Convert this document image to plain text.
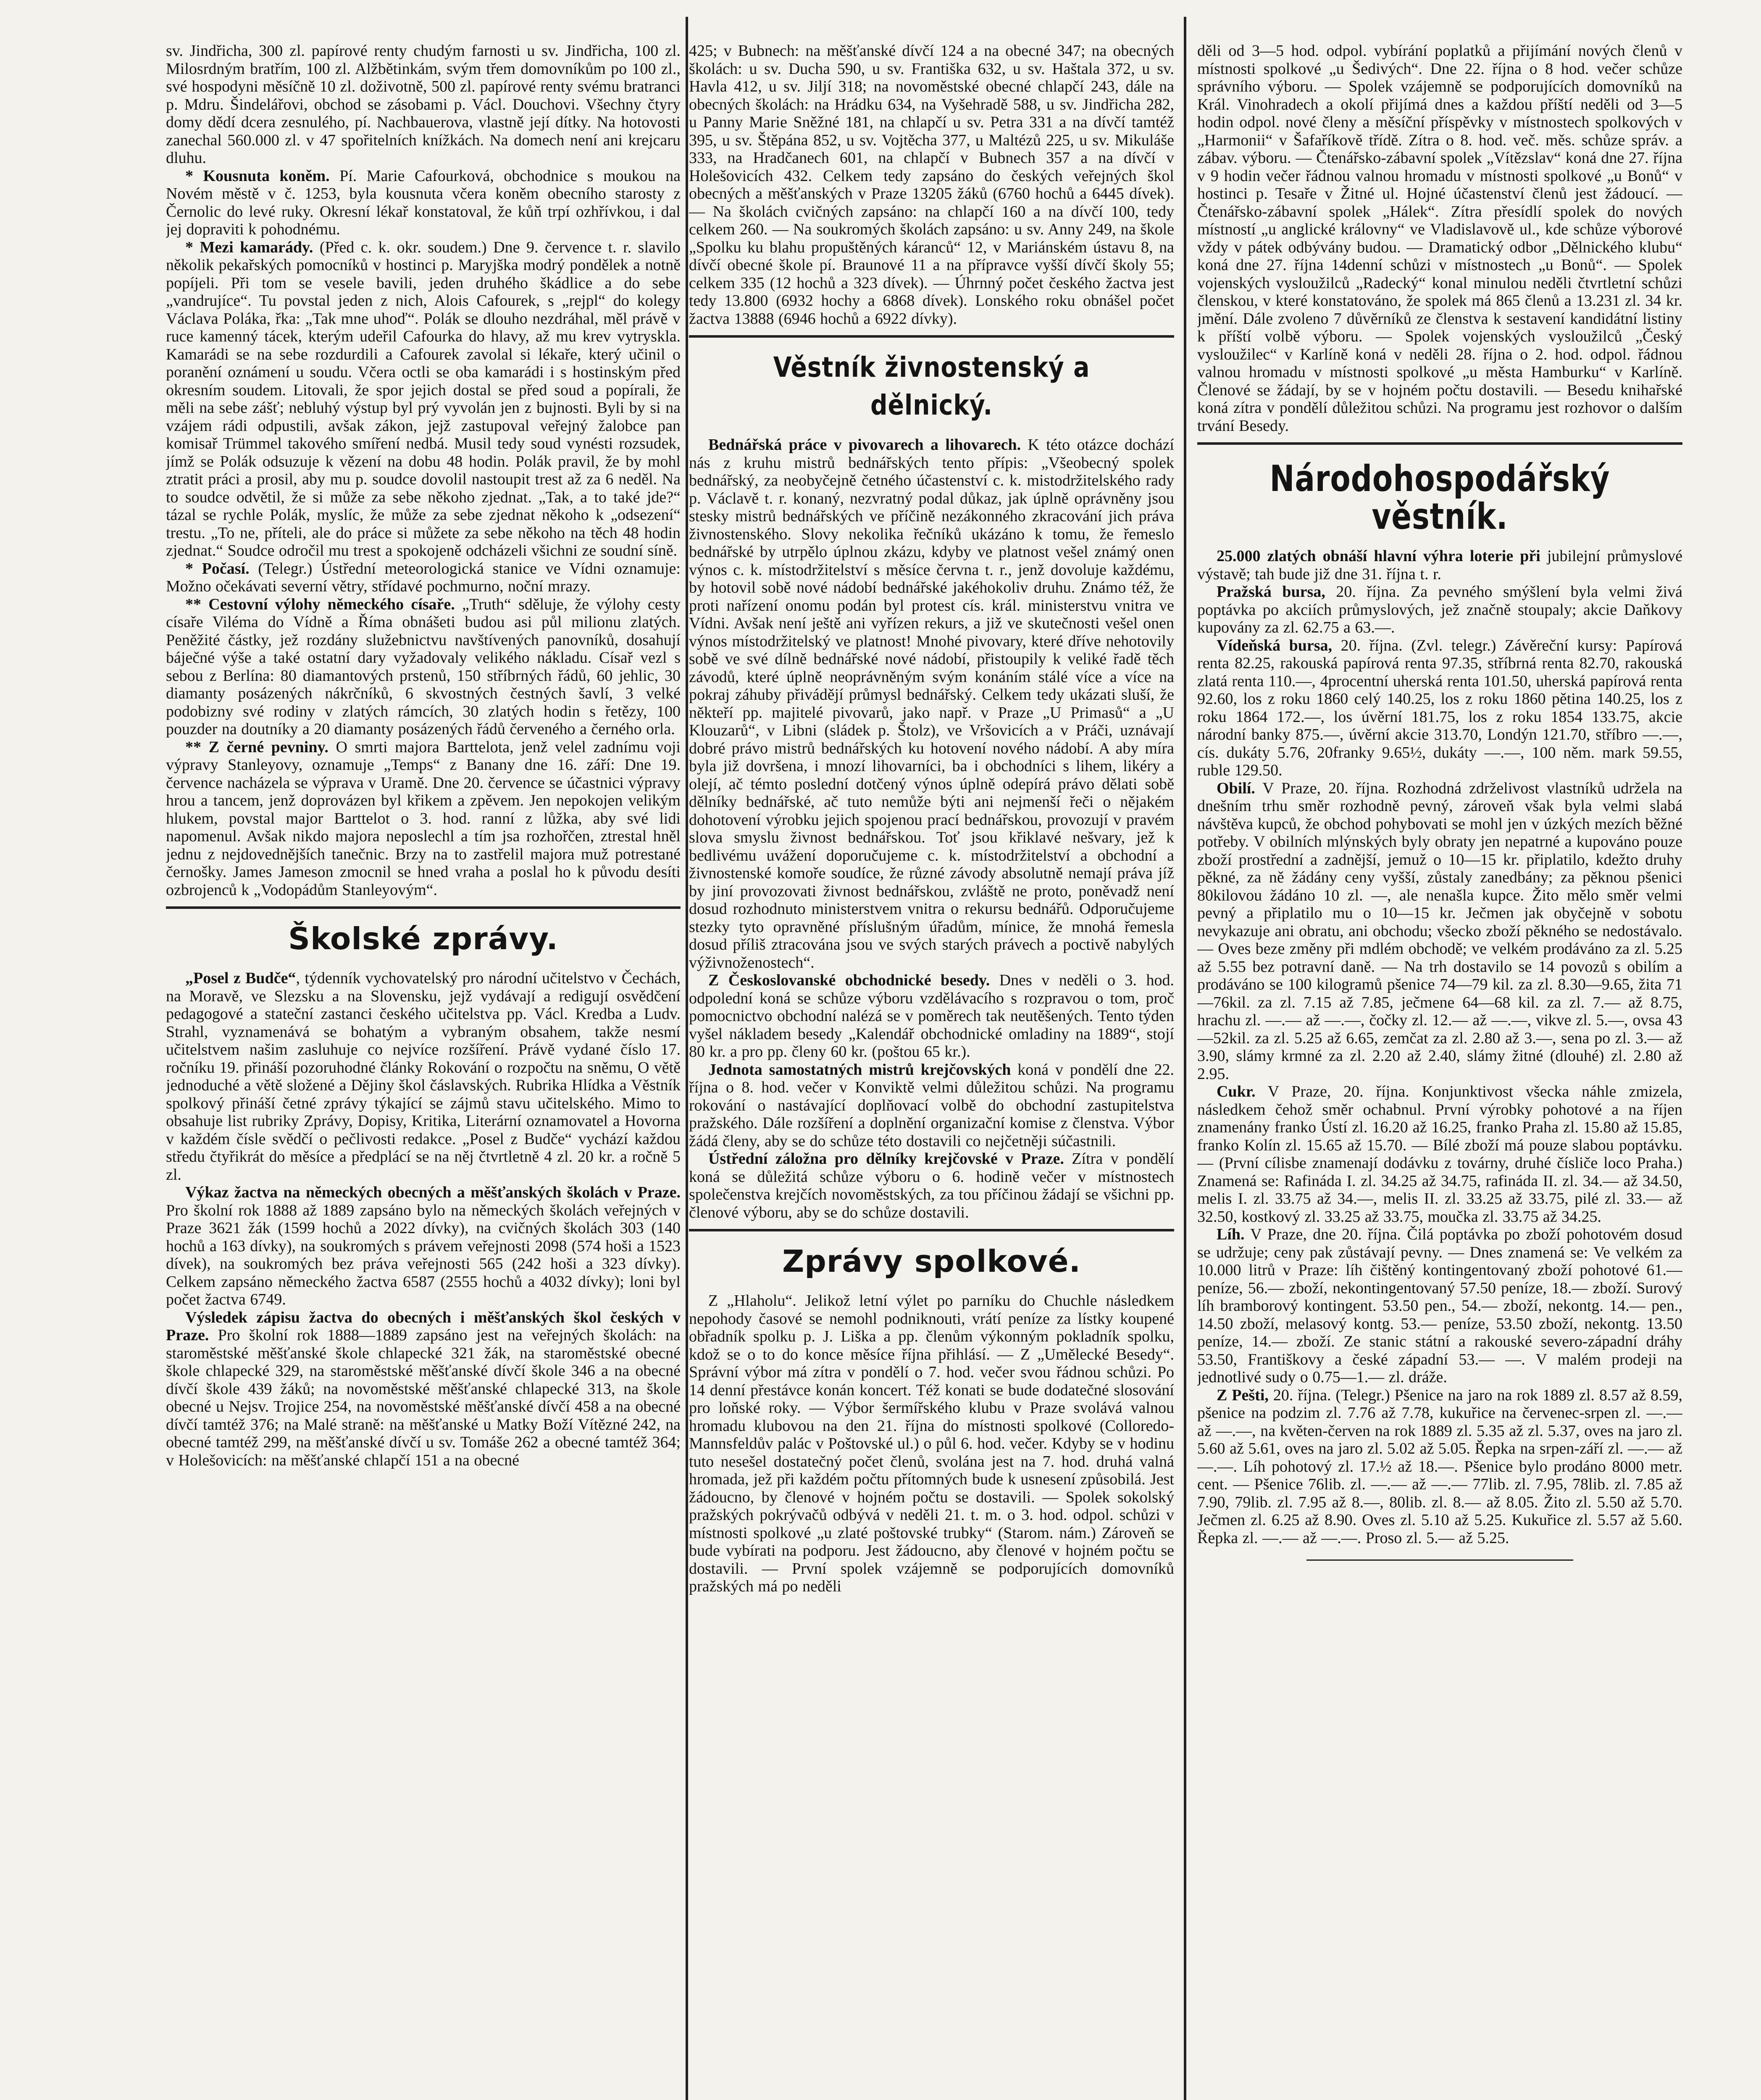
sv. Jindřicha, 300 zl. papírové renty chudým farnosti u sv. Jindřicha, 100 zl. Milosrdným bratřím, 100 zl. Alžbětinkám, svým třem domovníkům po 100 zl., své hospodyni měsíčně 10 zl. doživotně, 500 zl. papírové renty svému bratranci p. Mdru. Šindelářovi, obchod se zásobami p. Václ. Douchovi. Všechny čtyry domy dědí dcera zesnulého, pí. Nachbauerova, vlastně její dítky. Na hotovosti zanechal 560.000 zl. v 47 spořitelních knížkách. Na domech není ani krejcaru dluhu.

* Kousnuta koněm. Pí. Marie Cafourková, obchodnice s moukou na Novém městě v č. 1253, byla kousnuta včera koněm obecního starosty z Černolic do levé ruky. Okresní lékař konstatoval, že kůň trpí ozhřívkou, i dal jej dopraviti k pohodnému.

* Mezi kamarády. (Před c. k. okr. soudem.) Dne 9. července t. r. slavilo několik pekařských pomocníků v hostinci p. Maryjška modrý pondělek a notně popíjeli. Při tom se vesele bavili, jeden druhého škádlice a do sebe „vandrujíce“. Tu povstal jeden z nich, Alois Cafourek, s „rejpl“ do kolegy Václava Poláka, řka: „Tak mne uhoď“. Polák se dlouho nezdráhal, měl právě v ruce kamenný tácek, kterým udeřil Cafourka do hlavy, až mu krev vytryskla. Kamarádi se na sebe rozdurdili a Cafourek zavolal si lékaře, který učinil o poranění oznámení u soudu. Včera octli se oba kamarádi i s hostinským před okresním soudem. Litovali, že spor jejich dostal se před soud a popírali, že měli na sebe zášť; nebluhý výstup byl prý vyvolán jen z bujnosti. Byli by si na vzájem rádi odpustili, avšak zákon, jejž zastupoval veřejný žalobce pan komisař Trümmel takového smíření nedbá. Musil tedy soud vynésti rozsudek, jímž se Polák odsuzuje k vězení na dobu 48 hodin. Polák pravil, že by mohl ztratit práci a prosil, aby mu p. soudce dovolil nastoupit trest až za 6 neděl. Na to soudce odvětil, že si může za sebe někoho zjednat. „Tak, a to také jde?“ tázal se rychle Polák, myslíc, že může za sebe zjednat někoho k „odsezení“ trestu. „To ne, příteli, ale do práce si můžete za sebe někoho na těch 48 hodin zjednat.“ Soudce odročil mu trest a spokojeně odcházeli všichni ze soudní síně.

* Počasí. (Telegr.) Ústřední meteorologická stanice ve Vídni oznamuje: Možno očekávati severní větry, střídavé pochmurno, noční mrazy.

** Cestovní výlohy německého císaře. „Truth“ sděluje, že výlohy cesty císaře Viléma do Vídně a Říma obnášeti budou asi půl milionu zlatých. Peněžité částky, jež rozdány služebnictvu navštívených panovníků, dosahují báječné výše a také ostatní dary vyžadovaly velikého nákladu. Císař vezl s sebou z Berlína: 80 diamantových prstenů, 150 stříbrných řádů, 60 jehlic, 30 diamanty posázených nákrčníků, 6 skvostných čestných šavlí, 3 velké podobizny své rodiny v zlatých rámcích, 30 zlatých hodin s řetězy, 100 pouzder na doutníky a 20 diamanty posázených řádů červeného a černého orla.

** Z černé pevniny. O smrti majora Barttelota, jenž velel zadnímu voji výpravy Stanleyovy, oznamuje „Temps“ z Banany dne 16. září: Dne 19. července nacházela se výprava v Uramě. Dne 20. července se účastnici výpravy hrou a tancem, jenž doprovázen byl křikem a zpěvem. Jen nepokojen velikým hlukem, povstal major Barttelot o 3. hod. ranní z lůžka, aby své lidi napomenul. Avšak nikdo majora neposlechl a tím jsa rozhořčen, ztrestal hněl jednu z nejdovednějších tanečnic. Brzy na to zastřelil majora muž potrestané černošky. James Jameson zmocnil se hned vraha a poslal ho k původu desíti ozbrojenců k „Vodopádům Stanleyovým“.

Školské zprávy.

„Posel z Budče“, týdenník vychovatelský pro národní učitelstvo v Čechách, na Moravě, ve Slezsku a na Slovensku, jejž vydávají a redigují osvědčení pedagogové a stateční zastanci českého učitelstva pp. Václ. Kredba a Ludv. Strahl, vyznamenává se bohatým a vybraným obsahem, takže nesmí učitelstvem našim zasluhuje co nejvíce rozšíření. Právě vydané číslo 17. ročníku 19. přináší pozoruhodné články Rokování o rozpočtu na sněmu, O větě jednoduché a větě složené a Dějiny škol čáslavských. Rubrika Hlídka a Věstník spolkový přináší četné zprávy týkající se zájmů stavu učitelského. Mimo to obsahuje list rubriky Zprávy, Dopisy, Kritika, Literární oznamovatel a Hovorna v každém čísle svědčí o pečlivosti redakce. „Posel z Budče“ vychází každou středu čtyřikrát do měsíce a předplácí se na něj čtvrtletně 4 zl. 20 kr. a ročně 5 zl.

Výkaz žactva na německých obecných a měšťanských školách v Praze. Pro školní rok 1888 až 1889 zapsáno bylo na německých školách veřejných v Praze 3621 žák (1599 hochů a 2022 dívky), na cvičných školách 303 (140 hochů a 163 dívky), na soukromých s právem veřejnosti 2098 (574 hoši a 1523 dívek), na soukromých bez práva veřejnosti 565 (242 hoši a 323 dívky). Celkem zapsáno německého žactva 6587 (2555 hochů a 4032 dívky); loni byl počet žactva 6749.

Výsledek zápisu žactva do obecných i měšťanských škol českých v Praze. Pro školní rok 1888—1889 zapsáno jest na veřejných školách: na staroměstské měšťanské škole chlapecké 321 žák, na staroměstské obecné škole chlapecké 329, na staroměstské měšťanské dívčí škole 346 a na obecné dívčí škole 439 žáků; na novoměstské měšťanské chlapecké 313, na škole obecné u Nejsv. Trojice 254, na novoměstské měšťanské dívčí 458 a na obecné dívčí tamtéž 376; na Malé straně: na měšťanské u Matky Boží Vítězné 242, na obecné tamtéž 299, na měšťanské dívčí u sv. Tomáše 262 a obecné tamtéž 364; v Holešovicích: na měšťanské chlapčí 151 a na obecné

425; v Bubnech: na měšťanské dívčí 124 a na obecné 347; na obecných školách: u sv. Ducha 590, u sv. Františka 632, u sv. Haštala 372, u sv. Havla 412, u sv. Jiljí 318; na novoměstské obecné chlapčí 243, dále na obecných školách: na Hrádku 634, na Vyšehradě 588, u sv. Jindřicha 282, u Panny Marie Sněžné 181, na chlapčí u sv. Petra 331 a na dívčí tamtéž 395, u sv. Štěpána 852, u sv. Vojtěcha 377, u Maltézů 225, u sv. Mikuláše 333, na Hradčanech 601, na chlapčí v Bubnech 357 a na dívčí v Holešovicích 432. Celkem tedy zapsáno do českých veřejných škol obecných a měšťanských v Praze 13205 žáků (6760 hochů a 6445 dívek). — Na školách cvičných zapsáno: na chlapčí 160 a na dívčí 100, tedy celkem 260. — Na soukromých školách zapsáno: u sv. Anny 249, na škole „Spolku ku blahu propuštěných káranců“ 12, v Mariánském ústavu 8, na dívčí obecné škole pí. Braunové 11 a na přípravce vyšší dívčí školy 55; celkem 335 (12 hochů a 323 dívek). — Úhrnný počet českého žactva jest tedy 13.800 (6932 hochy a 6868 dívek). Lonského roku obnášel počet žactva 13888 (6946 hochů a 6922 dívky).

Věstník živnostenský a dělnický.

Bednářská práce v pivovarech a lihovarech. K této otázce dochází nás z kruhu mistrů bednářských tento přípis: „Všeobecný spolek bednářský, za neobyčejně četného účastenství c. k. mistodržitelského rady p. Václavě t. r. konaný, nezvratný podal důkaz, jak úplně oprávněny jsou stesky mistrů bednářských ve příčině nezákonného zkracování jich práva živnostenského. Slovy nekolika řečníků ukázáno k tomu, že řemeslo bednářské by utrpělo úplnou zkázu, kdyby ve platnost vešel známý onen výnos c. k. místodržitelství s měsíce června t. r., jenž dovoluje každému, by hotovil sobě nové nádobí bednářské jakéhokoliv druhu. Známo též, že proti nařízení onomu podán byl protest cís. král. ministerstvu vnitra ve Vídni. Avšak není ještě ani vyřízen rekurs, a již ve skutečnosti vešel onen výnos místodržitelský ve platnost! Mnohé pivovary, které dříve nehotovily sobě ve své dílně bednářské nové nádobí, přistoupily k veliké řadě těch závodů, které úplně neoprávněným svým konáním stálé více a více na pokraj záhuby přivádějí průmysl bednářský. Celkem tedy ukázati sluší, že někteří pp. majitelé pivovarů, jako např. v Praze „U Primasů“ a „U Klouzarů“, v Libni (sládek p. Štolz), ve Vršovicích a v Práči, uznávají dobré právo mistrů bednářských ku hotovení nového nádobí. A aby míra byla již dovršena, i mnozí lihovarníci, ba i obchodníci s lihem, likéry a olejí, ač témto poslední dotčený výnos úplně odepírá právo dělati sobě dělníky bednářské, ač tuto nemůže býti ani nejmenší řeči o nějakém dohotovení výrobku jejich spojenou prací bednářskou, provozují v pravém slova smyslu živnost bednářskou. Toť jsou křiklavé nešvary, jež k bedlivému uvážení doporučujeme c. k. místodržitelství a obchodní a živnostenské komoře soudíce, že různé závody absolutně nemají práva jíž by jiní provozovati živnost bednářskou, zvláště ne proto, poněvadž není dosud rozhodnuto ministerstvem vnitra o rekursu bednářů. Odporučujeme stezky tyto opravněné příslušným úřadům, mínice, že mnohá řemesla dosud příliš ztracována jsou ve svých starých právech a poctivě nabylých výživnoženostech“.

Z Českoslovanské obchodnické besedy. Dnes v neděli o 3. hod. odpolední koná se schůze výboru vzdělávacího s rozpravou o tom, proč pomocnictvo obchodní nalézá se v poměrech tak neutěšených. Tento týden vyšel nákladem besedy „Kalendář obchodnické omladiny na 1889“, stojí 80 kr. a pro pp. členy 60 kr. (poštou 65 kr.).

Jednota samostatných mistrů krejčovských koná v pondělí dne 22. října o 8. hod. večer v Konviktě velmi důležitou schůzi. Na programu rokování o nastávající doplňovací volbě do obchodní zastupitelstva pražského. Dále rozšíření a doplnění organizační komise z členstva. Výbor žádá členy, aby se do schůze této dostavili co nejčetněji súčastnili.

Ústřední záložna pro dělníky krejčovské v Praze. Zítra v pondělí koná se důležitá schůze výboru o 6. hodině večer v místnostech společenstva krejčích novoměstských, za tou příčinou žádají se všichni pp. členové výboru, aby se do schůze dostavili.

Zprávy spolkové.

Z „Hlaholu“. Jelikož letní výlet po parníku do Chuchle následkem nepohody časové se nemohl podniknouti, vrátí peníze za lístky koupené obřadník spolku p. J. Liška a pp. členům výkonným pokladník spolku, kdož se o to do konce měsíce října přihlásí. — Z „Umělecké Besedy“. Správní výbor má zítra v pondělí o 7. hod. večer svou řádnou schůzi. Po 14 denní přestávce konán koncert. Též konati se bude dodatečné slosování pro loňské roky. — Výbor šermířského klubu v Praze svolává valnou hromadu klubovou na den 21. října do místnosti spolkové (Colloredo-Mannsfeldův palác v Poštovské ul.) o půl 6. hod. večer. Kdyby se v hodinu tuto nesešel dostatečný počet členů, svolána jest na 7. hod. druhá valná hromada, jež při každém počtu přítomných bude k usnesení způsobilá. Jest žádoucno, by členové v hojném počtu se dostavili. — Spolek sokolský pražských pokrývačů odbývá v neděli 21. t. m. o 3. hod. odpol. schůzi v místnosti spolkové „u zlaté poštovské trubky“ (Starom. nám.) Zároveň se bude vybírati na podporu. Jest žádoucno, aby členové v hojném počtu se dostavili. — První spolek vzájemně se podporujících domovníků pražských má po neděli

děli od 3—5 hod. odpol. vybírání poplatků a přijímání nových členů v místnosti spolkové „u Šedivých“. Dne 22. října o 8 hod. večer schůze správního výboru. — Spolek vzájemně se podporujících domovníků na Král. Vinohradech a okolí přijímá dnes a každou příští neděli od 3—5 hodin odpol. nové členy a měsíční příspěvky v místnostech spolkových v „Harmonii“ v Šafaříkově třídě. Zítra o 8. hod. več. měs. schůze správ. a zábav. výboru. — Čtenářsko-zábavní spolek „Vítězslav“ koná dne 27. října v 9 hodin večer řádnou valnou hromadu v místnosti spolkové „u Bonů“ v hostinci p. Tesaře v Žitné ul. Hojné účastenství členů jest žádoucí. — Čtenářsko-zábavní spolek „Hálek“. Zítra přesídlí spolek do nových místností „u anglické královny“ ve Vladislavově ul., kde schůze výborové vždy v pátek odbývány budou. — Dramatický odbor „Dělnického klubu“ koná dne 27. října 14denní schůzi v místnostech „u Bonů“. — Spolek vojenských vysloužilců „Radecký“ konal minulou neděli čtvrtletní schůzi členskou, v které konstatováno, že spolek má 865 členů a 13.231 zl. 34 kr. jmění. Dále zvoleno 7 důvěrníků ze členstva k sestavení kandidátní listiny k příští volbě výboru. — Spolek vojenských vysloužilců „Český vysloužilec“ v Karlíně koná v neděli 28. října o 2. hod. odpol. řádnou valnou hromadu v místnosti spolkové „u města Hamburku“ v Karlíně. Členové se žádají, by se v hojném počtu dostavili. — Besedu knihařské koná zítra v pondělí důležitou schůzi. Na programu jest rozhovor o dalším trvání Besedy.

Národohospodářský věstník.

25.000 zlatých obnáší hlavní výhra loterie při jubilejní průmyslové výstavě; tah bude již dne 31. října t. r.

Pražská bursa, 20. října. Za pevného smýšlení byla velmi živá poptávka po akciích průmyslových, jež značně stoupaly; akcie Daňkovy kupovány za zl. 62.75 a 63.—.

Vídeňská bursa, 20. října. (Zvl. telegr.) Závěreční kursy: Papírová renta 82.25, rakouská papírová renta 97.35, stříbrná renta 82.70, rakouská zlatá renta 110.—, 4procentní uherská renta 101.50, uherská papírová renta 92.60, los z roku 1860 celý 140.25, los z roku 1860 pětina 140.25, los z roku 1864 172.—, los úvěrní 181.75, los z roku 1854 133.75, akcie národní banky 875.—, úvěrní akcie 313.70, Londýn 121.70, stříbro —.—, cís. dukáty 5.76, 20franky 9.65½, dukáty —.—, 100 něm. mark 59.55, ruble 129.50.

Obilí. V Praze, 20. října. Rozhodná zdrželivost vlastníků udržela na dnešním trhu směr rozhodně pevný, zároveň však byla velmi slabá návštěva kupců, že obchod pohybovati se mohl jen v úzkých mezích běžné potřeby. V obilních mlýnských byly obraty jen nepatrné a kupováno pouze zboží prostřední a zadnější, jemuž o 10—15 kr. připlatilo, kdežto druhy pěkné, za ně žádány ceny vyšší, zůstaly zanedbány; za pěknou pšenici 80kilovou žádáno 10 zl. —, ale nenašla kupce. Žito mělo směr velmi pevný a připlatilo mu o 10—15 kr. Ječmen jak obyčejně v sobotu nevykazuje ani obratu, ani obchodu; všecko zboží pěkného se nedostávalo. — Oves beze změny při mdlém obchodě; ve velkém prodáváno za zl. 5.25 až 5.55 bez potravní daně. — Na trh dostavilo se 14 povozů s obilím a prodáváno se 100 kilogramů pšenice 74—79 kil. za zl. 8.30—9.65, žita 71—76kil. za zl. 7.15 až 7.85, ječmene 64—68 kil. za zl. 7.— až 8.75, hrachu zl. —.— až —.—, čočky zl. 12.— až —.—, vikve zl. 5.—, ovsa 43—52kil. za zl. 5.25 až 6.65, zemčat za zl. 2.80 až 3.—, sena po zl. 3.— až 3.90, slámy krmné za zl. 2.20 až 2.40, slámy žitné (dlouhé) zl. 2.80 až 2.95.

Cukr. V Praze, 20. října. Konjunktivost všecka náhle zmizela, následkem čehož směr ochabnul. První výrobky pohotové a na říjen znamenány franko Ústí zl. 16.20 až 16.25, franko Praha zl. 15.80 až 15.85, franko Kolín zl. 15.65 až 15.70. — Bílé zboží má pouze slabou poptávku. — (První cílisbe znamenají dodávku z továrny, druhé čísliče loco Praha.) Znamená se: Rafináda I. zl. 34.25 až 34.75, rafináda II. zl. 34.— až 34.50, melis I. zl. 33.75 až 34.—, melis II. zl. 33.25 až 33.75, pilé zl. 33.— až 32.50, kostkový zl. 33.25 až 33.75, moučka zl. 33.75 až 34.25.

Líh. V Praze, dne 20. října. Čilá poptávka po zboží pohotovém dosud se udržuje; ceny pak zůstávají pevny. — Dnes znamená se: Ve velkém za 10.000 litrů v Praze: líh čištěný kontingentovaný zboží pohotové 61.— peníze, 56.— zboží, nekontingentovaný 57.50 peníze, 18.— zboží. Surový líh bramborový kontingent. 53.50 pen., 54.— zboží, nekontg. 14.— pen., 14.50 zboží, melasový kontg. 53.— peníze, 53.50 zboží, nekontg. 13.50 peníze, 14.— zboží. Ze stanic státní a rakouské severo-západní dráhy 53.50, Františkovy a české západní 53.— —. V malém prodeji na jednotlivé sudy o 0.75—1.— zl. dráže.

Z Pešti, 20. října. (Telegr.) Pšenice na jaro na rok 1889 zl. 8.57 až 8.59, pšenice na podzim zl. 7.76 až 7.78, kukuřice na červenec-srpen zl. —.— až —.—, na květen-červen na rok 1889 zl. 5.35 až zl. 5.37, oves na jaro zl. 5.60 až 5.61, oves na jaro zl. 5.02 až 5.05. Řepka na srpen-září zl. —.— až —.—. Líh pohotový zl. 17.½ až 18.—. Pšenice bylo prodáno 8000 metr. cent. — Pšenice 76lib. zl. —.— až —.— 77lib. zl. 7.95, 78lib. zl. 7.85 až 7.90, 79lib. zl. 7.95 až 8.—, 80lib. zl. 8.— až 8.05. Žito zl. 5.50 až 5.70. Ječmen zl. 6.25 až 8.90. Oves zl. 5.10 až 5.25. Kukuřice zl. 5.57 až 5.60. Řepka zl. —.— až —.—. Proso zl. 5.— až 5.25.
